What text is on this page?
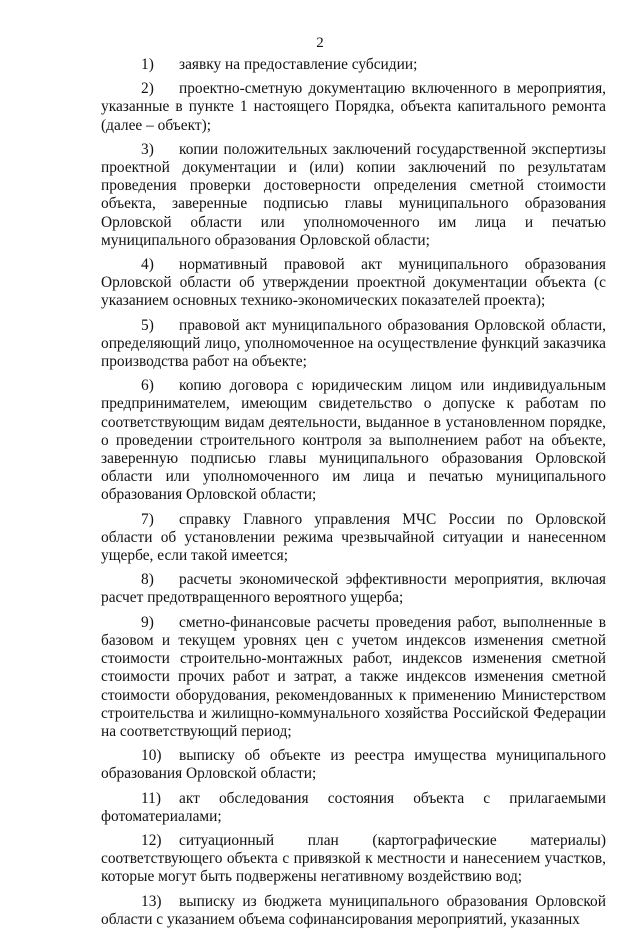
2

1) заявку на предоставление субсидии;

2) проектно-сметную документацию включенного в мероприятия, указанные в пункте 1 настоящего Порядка, объекта капитального ремонта (далее – объект);

3) копии положительных заключений государственной экспертизы проектной документации и (или) копии заключений по результатам проведения проверки достоверности определения сметной стоимости объекта, заверенные подписью главы муниципального образования Орловской области или уполномоченного им лица и печатью муниципального образования Орловской области;

4) нормативный правовой акт муниципального образования Орловской области об утверждении проектной документации объекта (с указанием основных технико-экономических показателей проекта);

5) правовой акт муниципального образования Орловской области, определяющий лицо, уполномоченное на осуществление функций заказчика производства работ на объекте;

6) копию договора с юридическим лицом или индивидуальным предпринимателем, имеющим свидетельство о допуске к работам по соответствующим видам деятельности, выданное в установленном порядке, о проведении строительного контроля за выполнением работ на объекте, заверенную подписью главы муниципального образования Орловской области или уполномоченного им лица и печатью муниципального образования Орловской области;

7) справку Главного управления МЧС России по Орловской области об установлении режима чрезвычайной ситуации и нанесенном ущербе, если такой имеется;

8) расчеты экономической эффективности мероприятия, включая расчет предотвращенного вероятного ущерба;

9) сметно-финансовые расчеты проведения работ, выполненные в базовом и текущем уровнях цен с учетом индексов изменения сметной стоимости строительно-монтажных работ, индексов изменения сметной стоимости прочих работ и затрат, а также индексов изменения сметной стоимости оборудования, рекомендованных к применению Министерством строительства и жилищно-коммунального хозяйства Российской Федерации на соответствующий период;

10) выписку об объекте из реестра имущества муниципального образования Орловской области;

11) акт обследования состояния объекта с прилагаемыми фотоматериалами;

12) ситуационный план (картографические материалы) соответствующего объекта с привязкой к местности и нанесением участков, которые могут быть подвержены негативному воздействию вод;

13) выписку из бюджета муниципального образования Орловской области с указанием объема софинансирования мероприятий, указанных
